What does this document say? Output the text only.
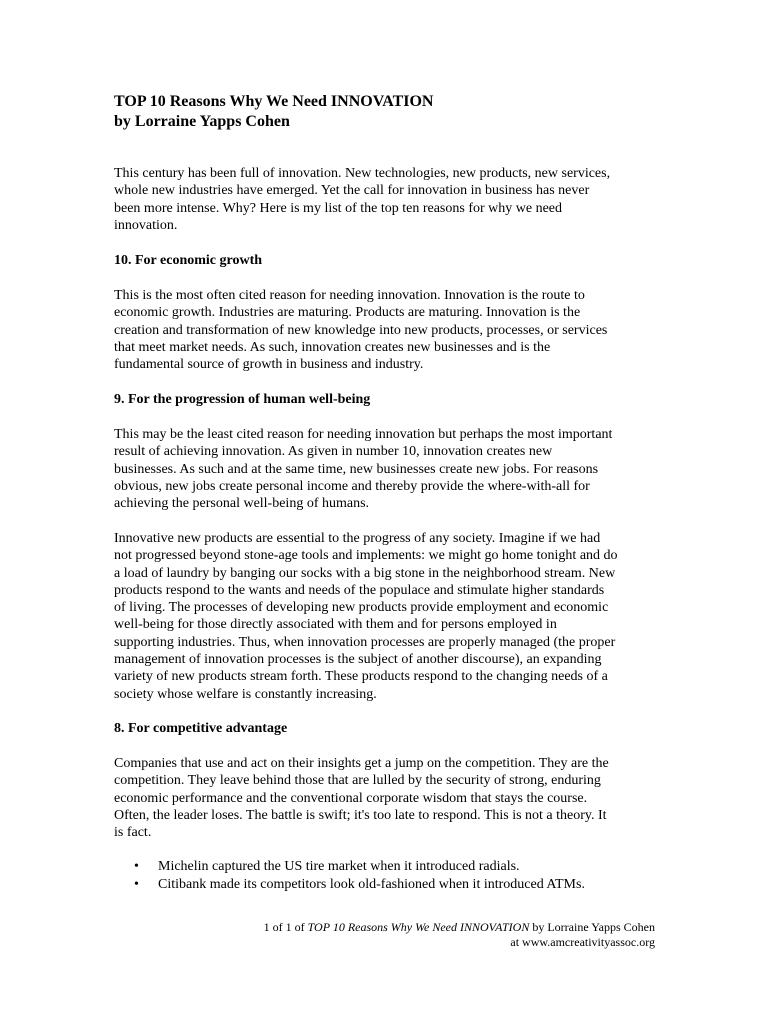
TOP 10 Reasons Why We Need INNOVATION
by Lorraine Yapps Cohen

This century has been full of innovation. New technologies, new products, new services,
whole new industries have emerged. Yet the call for innovation in business has never
been more intense. Why? Here is my list of the top ten reasons for why we need
innovation.

10. For economic growth

This is the most often cited reason for needing innovation. Innovation is the route to
economic growth. Industries are maturing. Products are maturing. Innovation is the
creation and transformation of new knowledge into new products, processes, or services
that meet market needs. As such, innovation creates new businesses and is the
fundamental source of growth in business and industry.

9. For the progression of human well-being

This may be the least cited reason for needing innovation but perhaps the most important
result of achieving innovation. As given in number 10, innovation creates new
businesses. As such and at the same time, new businesses create new jobs. For reasons
obvious, new jobs create personal income and thereby provide the where-with-all for
achieving the personal well-being of humans.

Innovative new products are essential to the progress of any society. Imagine if we had
not progressed beyond stone-age tools and implements: we might go home tonight and do
a load of laundry by banging our socks with a big stone in the neighborhood stream. New
products respond to the wants and needs of the populace and stimulate higher standards
of living. The processes of developing new products provide employment and economic
well-being for those directly associated with them and for persons employed in
supporting industries. Thus, when innovation processes are properly managed (the proper
management of innovation processes is the subject of another discourse), an expanding
variety of new products stream forth. These products respond to the changing needs of a
society whose welfare is constantly increasing.

8. For competitive advantage

Companies that use and act on their insights get a jump on the competition. They are the
competition. They leave behind those that are lulled by the security of strong, enduring
economic performance and the conventional corporate wisdom that stays the course.
Often, the leader loses. The battle is swift; it's too late to respond. This is not a theory. It
is fact.

• Michelin captured the US tire market when it introduced radials.
• Citibank made its competitors look old-fashioned when it introduced ATMs.
1 of 1 of TOP 10 Reasons Why We Need INNOVATION by Lorraine Yapps Cohen
at www.amcreativityassoc.org
